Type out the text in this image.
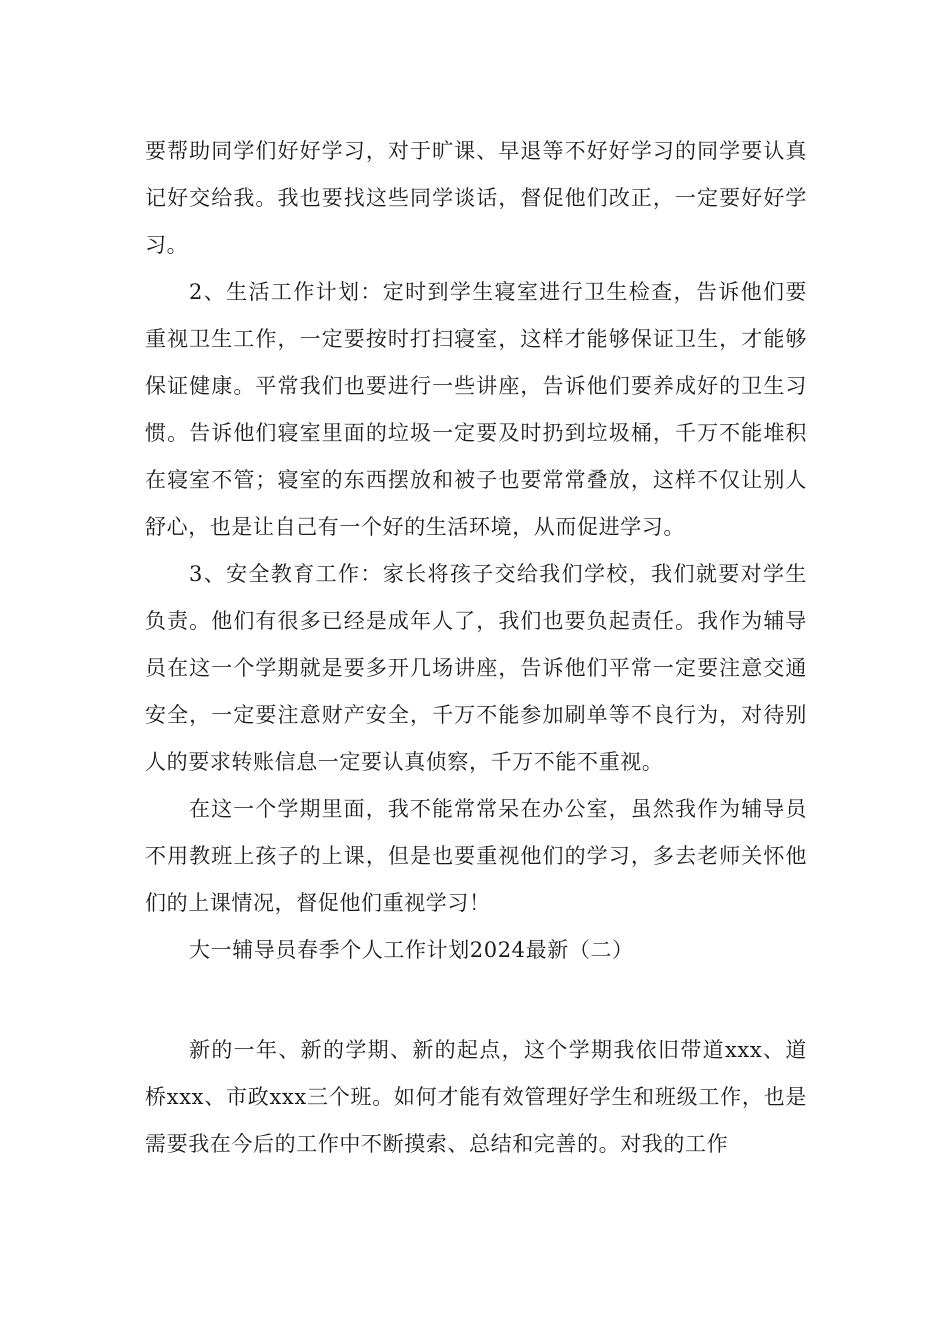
要帮助同学们好好学习，对于旷课、早退等不好好学习的同学要认真记好交给我。我也要找这些同学谈话，督促他们改正，一定要好好学习。

2、生活工作计划：定时到学生寝室进行卫生检查，告诉他们要重视卫生工作，一定要按时打扫寝室，这样才能够保证卫生，才能够保证健康。平常我们也要进行一些讲座，告诉他们要养成好的卫生习惯。告诉他们寝室里面的垃圾一定要及时扔到垃圾桶，千万不能堆积在寝室不管；寝室的东西摆放和被子也要常常叠放，这样不仅让别人舒心，也是让自己有一个好的生活环境，从而促进学习。

3、安全教育工作：家长将孩子交给我们学校，我们就要对学生负责。他们有很多已经是成年人了，我们也要负起责任。我作为辅导员在这一个学期就是要多开几场讲座，告诉他们平常一定要注意交通安全，一定要注意财产安全，千万不能参加刷单等不良行为，对待别人的要求转账信息一定要认真侦察，千万不能不重视。

在这一个学期里面，我不能常常呆在办公室，虽然我作为辅导员不用教班上孩子的上课，但是也要重视他们的学习，多去老师关怀他们的上课情况，督促他们重视学习！

大一辅导员春季个人工作计划2024最新（二）

新的一年、新的学期、新的起点，这个学期我依旧带道xxx、道桥xxx、市政xxx三个班。如何才能有效管理好学生和班级工作，也是需要我在今后的工作中不断摸索、总结和完善的。对我的工作
